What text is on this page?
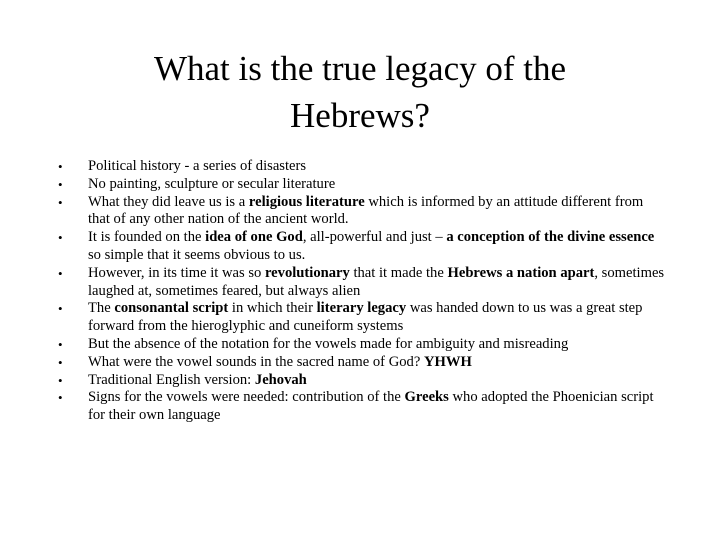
What is the true legacy of the
Hebrews?
• Political history - a series of disasters
• No painting, sculpture or secular literature
• What they did leave us is a religious literature which is informed by an attitude different from that of any other nation of the ancient world.
• It is founded on the idea of one God, all-powerful and just – a conception of the divine essence so simple that it seems obvious to us.
• However, in its time it was so revolutionary that it made the Hebrews a nation apart, sometimes laughed at, sometimes feared, but always alien
• The consonantal script in which their literary legacy was handed down to us was a great step forward from the hieroglyphic and cuneiform systems
• But the absence of the notation for the vowels made for ambiguity and misreading
• What were the vowel sounds in the sacred name of God? YHWH
• Traditional English version: Jehovah
• Signs for the vowels were needed: contribution of the Greeks who adopted the Phoenician script for their own language
